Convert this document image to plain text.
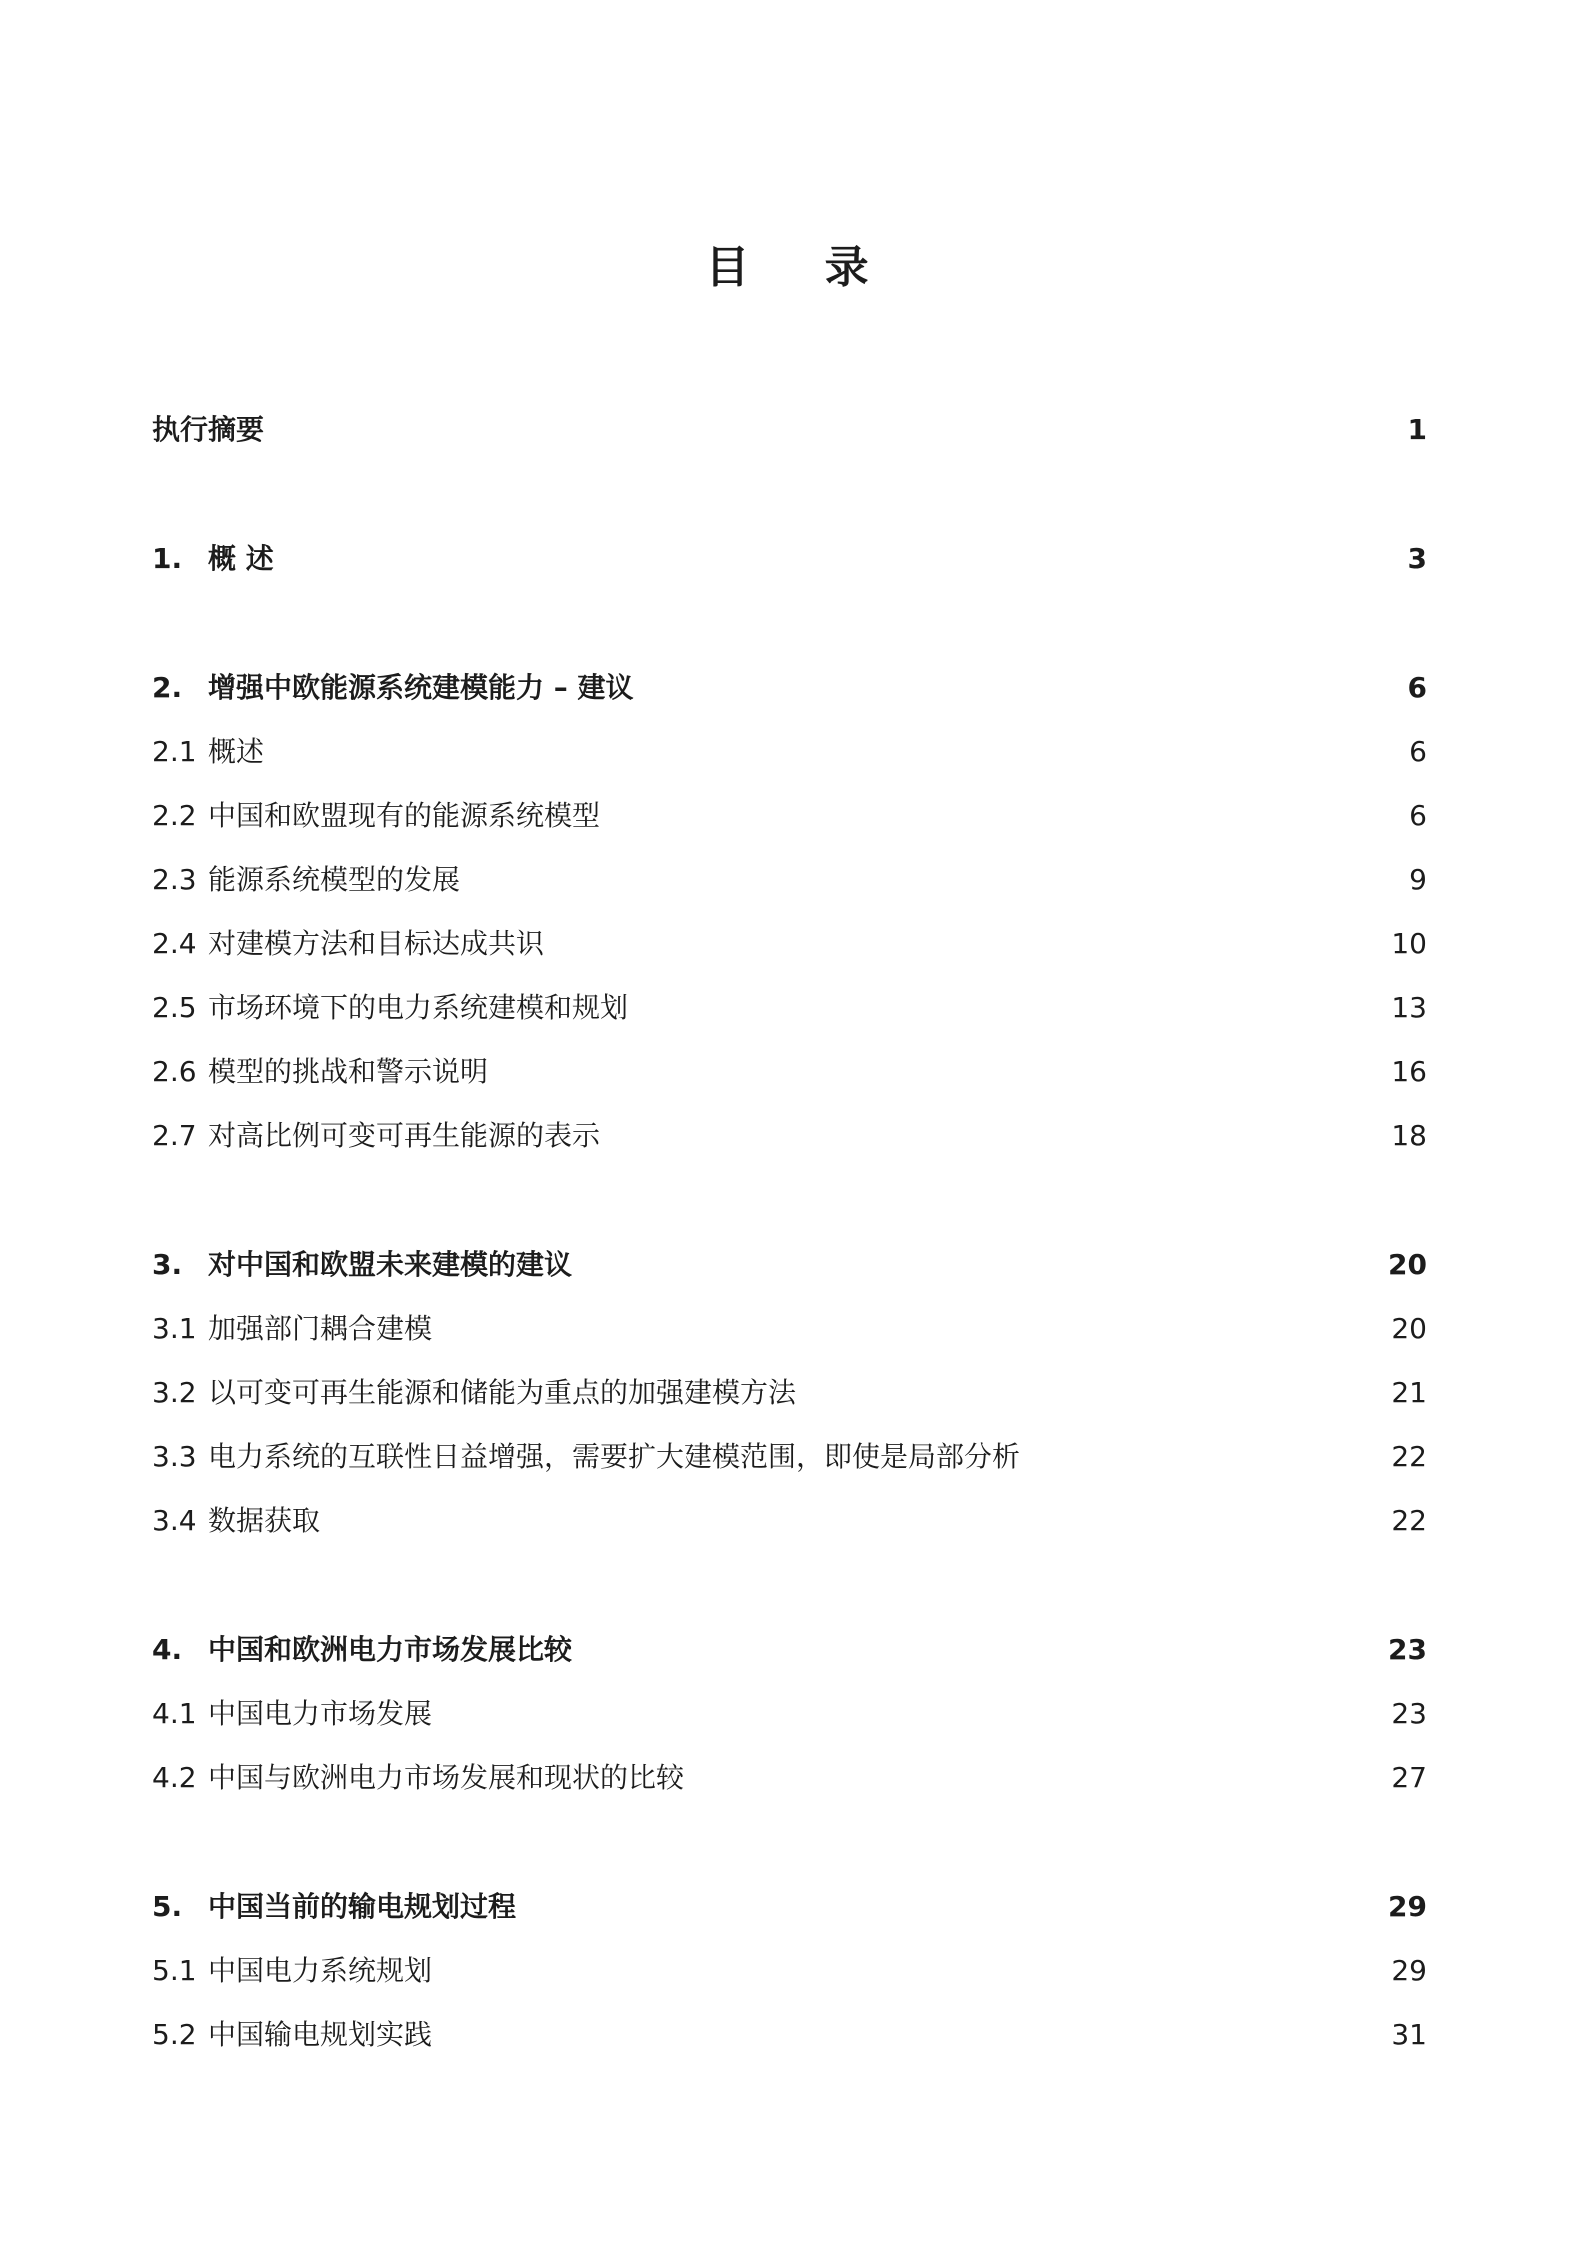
目 录
执行摘要	1
1. 概 述	3
2. 增强中欧能源系统建模能力 – 建议	6
2.1 概述	6
2.2 中国和欧盟现有的能源系统模型	6
2.3 能源系统模型的发展	9
2.4 对建模方法和目标达成共识	10
2.5 市场环境下的电力系统建模和规划	13
2.6 模型的挑战和警示说明	16
2.7 对高比例可变可再生能源的表示	18
3. 对中国和欧盟未来建模的建议	20
3.1 加强部门耦合建模	20
3.2 以可变可再生能源和储能为重点的加强建模方法	21
3.3 电力系统的互联性日益增强，需要扩大建模范围，即使是局部分析	22
3.4 数据获取	22
4. 中国和欧洲电力市场发展比较	23
4.1 中国电力市场发展	23
4.2 中国与欧洲电力市场发展和现状的比较	27
5. 中国当前的输电规划过程	29
5.1 中国电力系统规划	29
5.2 中国输电规划实践	31
